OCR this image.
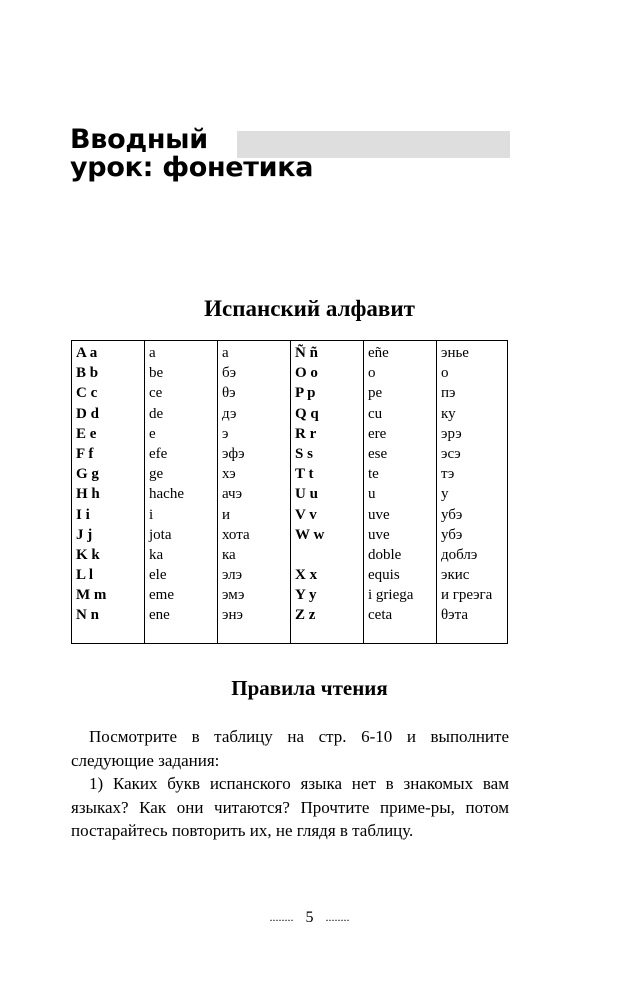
Вводный
урок: фонетика
Испанский алфавит
A a
B b
C c
D d
E e
F f
G g
H h
I i
J j
K k
L l
M m
N n
a
be
ce
de
e
efe
ge
hache
i
jota
ka
ele
eme
ene
а
бэ
θэ
дэ
э
эфэ
хэ
ачэ
и
хота
ка
элэ
эмэ
энэ
Ñ ñ
O o
P p
Q q
R r
S s
T t
U u
V v
W w
X x
Y y
Z z
eñe
o
pe
cu
ere
ese
te
u
uve
uve
doble
equis
i griega
ceta
энье
о
пэ
ку
эрэ
эсэ
тэ
у
убэ
убэ
доблэ
экис
и греэга
θэта
Правила чтения

Посмотрите в таблицу на стр. 6-10 и выполните следующие задания:

1) Каких букв испанского языка нет в знакомых вам языках? Как они читаются? Прочтите приме-ры, потом постарайтесь повторить их, не глядя в таблицу.

........ 5 ........
